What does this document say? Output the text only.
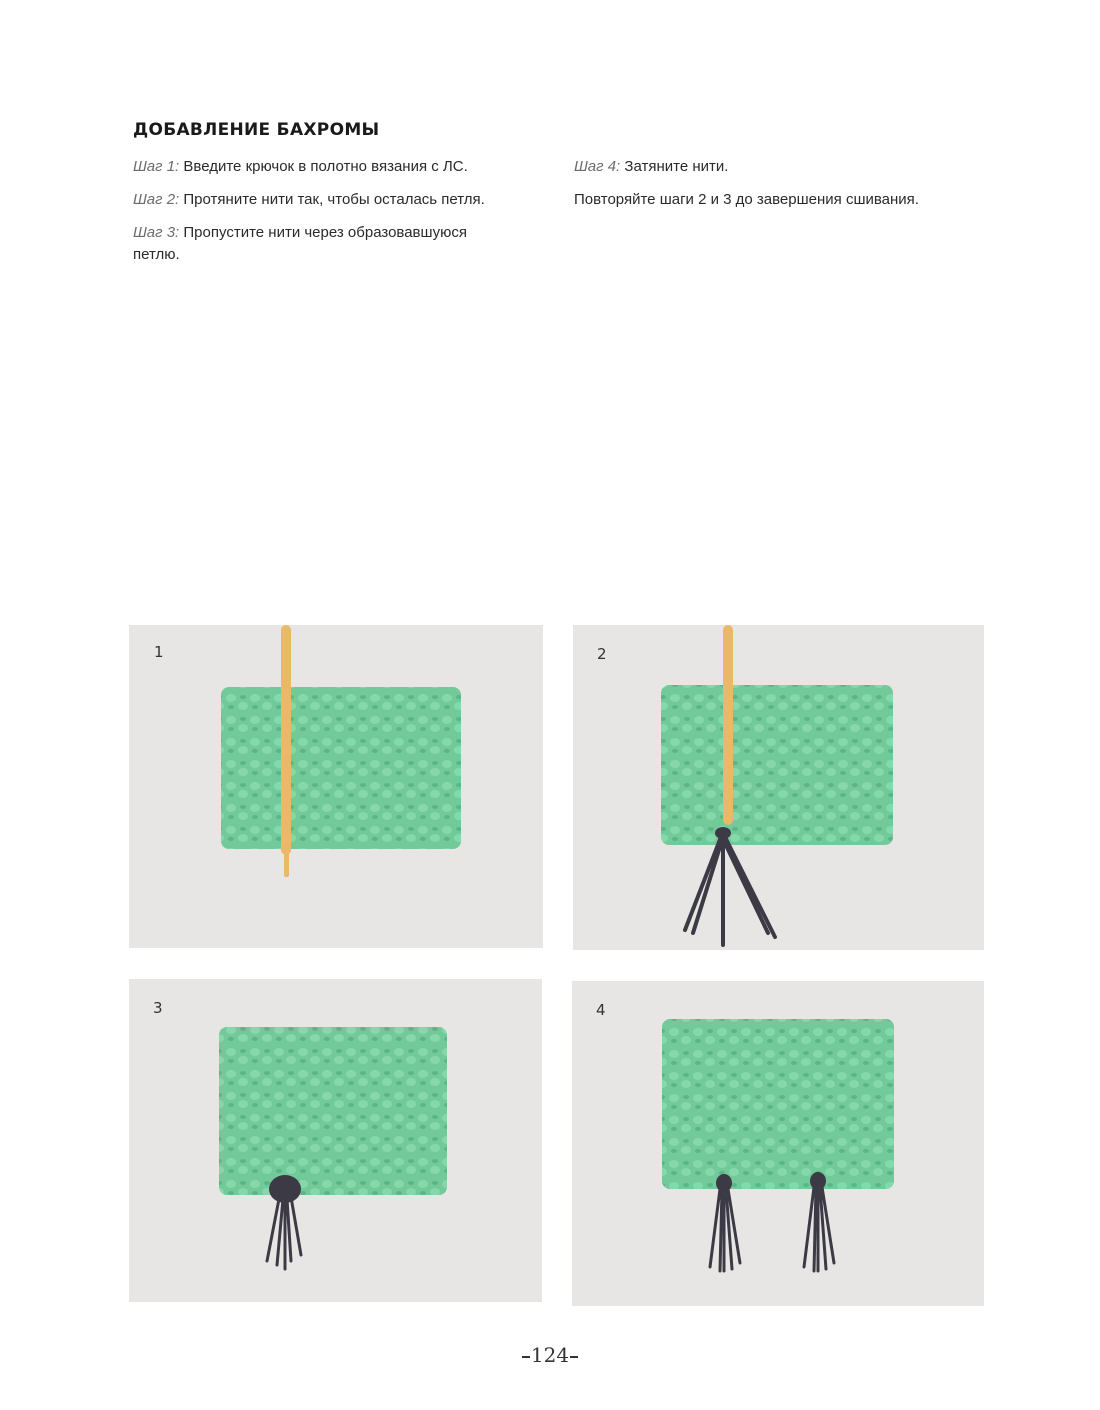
ДОБАВЛЕНИЕ БАХРОМЫ

Шаг 1: Введите крючок в полотно вязания с ЛС.

Шаг 2: Протяните нити так, чтобы осталась петля.

Шаг 3: Пропустите нити через образовавшуюся петлю.

Шаг 4: Затяните нити.

Повторяйте шаги 2 и 3 до завершения сшивания.

1	2
3	4
124
